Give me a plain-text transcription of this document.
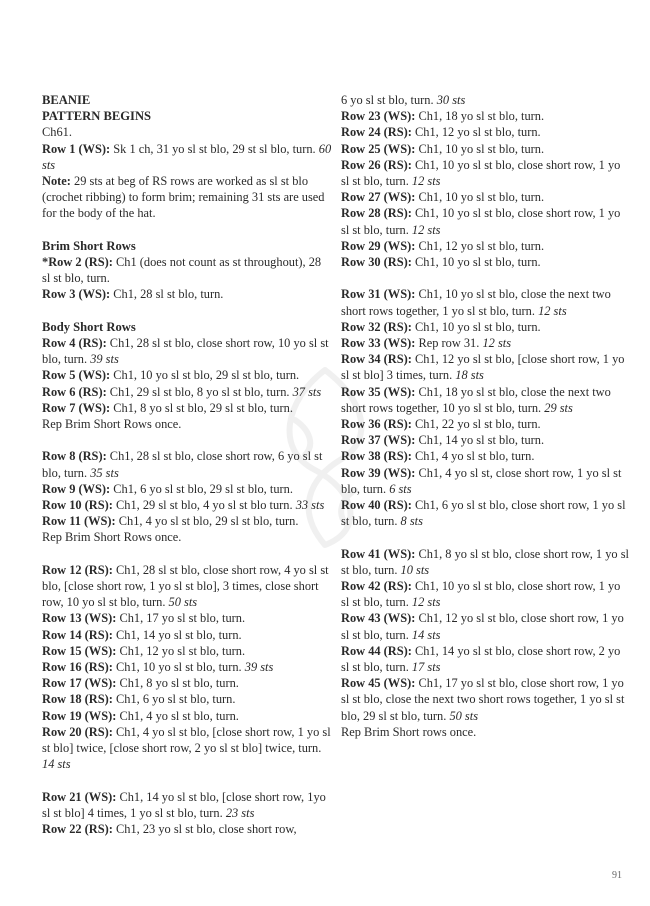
BEANIE

PATTERN BEGINS

Ch61.

Row 1 (WS): Sk 1 ch, 31 yo sl st blo, 29 st sl blo, turn. 60 sts

Note: 29 sts at beg of RS rows are worked as sl st blo (crochet ribbing) to form brim; remaining 31 sts are used for the body of the hat.

Brim Short Rows

*Row 2 (RS): Ch1 (does not count as st throughout), 28 sl st blo, turn.

Row 3 (WS): Ch1, 28 sl st blo, turn.

Body Short Rows

Row 4 (RS): Ch1, 28 sl st blo, close short row, 10 yo sl st blo, turn. 39 sts

Row 5 (WS): Ch1, 10 yo sl st blo, 29 sl st blo, turn.

Row 6 (RS): Ch1, 29 sl st blo, 8 yo sl st blo, turn. 37 sts

Row 7 (WS): Ch1, 8 yo sl st blo, 29 sl st blo, turn.

Rep Brim Short Rows once.

Row 8 (RS): Ch1, 28 sl st blo, close short row, 6 yo sl st blo, turn. 35 sts

Row 9 (WS): Ch1, 6 yo sl st blo, 29 sl st blo, turn.

Row 10 (RS): Ch1, 29 sl st blo, 4 yo sl st blo turn. 33 sts

Row 11 (WS): Ch1, 4 yo sl st blo, 29 sl st blo, turn.

Rep Brim Short Rows once.

Row 12 (RS): Ch1, 28 sl st blo, close short row, 4 yo sl st blo, [close short row, 1 yo sl st blo], 3 times, close short row, 10 yo sl st blo, turn. 50 sts

Row 13 (WS): Ch1, 17 yo sl st blo, turn.

Row 14 (RS): Ch1, 14 yo sl st blo, turn.

Row 15 (WS): Ch1, 12 yo sl st blo, turn.

Row 16 (RS): Ch1, 10 yo sl st blo, turn. 39 sts

Row 17 (WS): Ch1, 8 yo sl st blo, turn.

Row 18 (RS): Ch1, 6 yo sl st blo, turn.

Row 19 (WS): Ch1, 4 yo sl st blo, turn.

Row 20 (RS): Ch1, 4 yo sl st blo, [close short row, 1 yo sl st blo] twice, [close short row, 2 yo sl st blo] twice, turn. 14 sts

Row 21 (WS): Ch1, 14 yo sl st blo, [close short row, 1yo sl st blo] 4 times, 1 yo sl st blo, turn. 23 sts

Row 22 (RS): Ch1, 23 yo sl st blo, close short row,

6 yo sl st blo, turn. 30 sts

Row 23 (WS): Ch1, 18 yo sl st blo, turn.

Row 24 (RS): Ch1, 12 yo sl st blo, turn.

Row 25 (WS): Ch1, 10 yo sl st blo, turn.

Row 26 (RS): Ch1, 10 yo sl st blo, close short row, 1 yo sl st blo, turn. 12 sts

Row 27 (WS): Ch1, 10 yo sl st blo, turn.

Row 28 (RS): Ch1, 10 yo sl st blo, close short row, 1 yo sl st blo, turn. 12 sts

Row 29 (WS): Ch1, 12 yo sl st blo, turn.

Row 30 (RS): Ch1, 10 yo sl st blo, turn.

Row 31 (WS): Ch1, 10 yo sl st blo, close the next two short rows together, 1 yo sl st blo, turn. 12 sts

Row 32 (RS): Ch1, 10 yo sl st blo, turn.

Row 33 (WS): Rep row 31. 12 sts

Row 34 (RS): Ch1, 12 yo sl st blo, [close short row, 1 yo sl st blo] 3 times, turn. 18 sts

Row 35 (WS): Ch1, 18 yo sl st blo, close the next two short rows together, 10 yo sl st blo, turn. 29 sts

Row 36 (RS): Ch1, 22 yo sl st blo, turn.

Row 37 (WS): Ch1, 14 yo sl st blo, turn.

Row 38 (RS): Ch1, 4 yo sl st blo, turn.

Row 39 (WS): Ch1, 4 yo sl st, close short row, 1 yo sl st blo, turn. 6 sts

Row 40 (RS): Ch1, 6 yo sl st blo, close short row, 1 yo sl st blo, turn. 8 sts

Row 41 (WS): Ch1, 8 yo sl st blo, close short row, 1 yo sl st blo, turn. 10 sts

Row 42 (RS): Ch1, 10 yo sl st blo, close short row, 1 yo sl st blo, turn. 12 sts

Row 43 (WS): Ch1, 12 yo sl st blo, close short row, 1 yo sl st blo, turn. 14 sts

Row 44 (RS): Ch1, 14 yo sl st blo, close short row, 2 yo sl st blo, turn. 17 sts

Row 45 (WS): Ch1, 17 yo sl st blo, close short row, 1 yo sl st blo, close the next two short rows together, 1 yo sl st blo, 29 sl st blo, turn. 50 sts

Rep Brim Short rows once.

91
